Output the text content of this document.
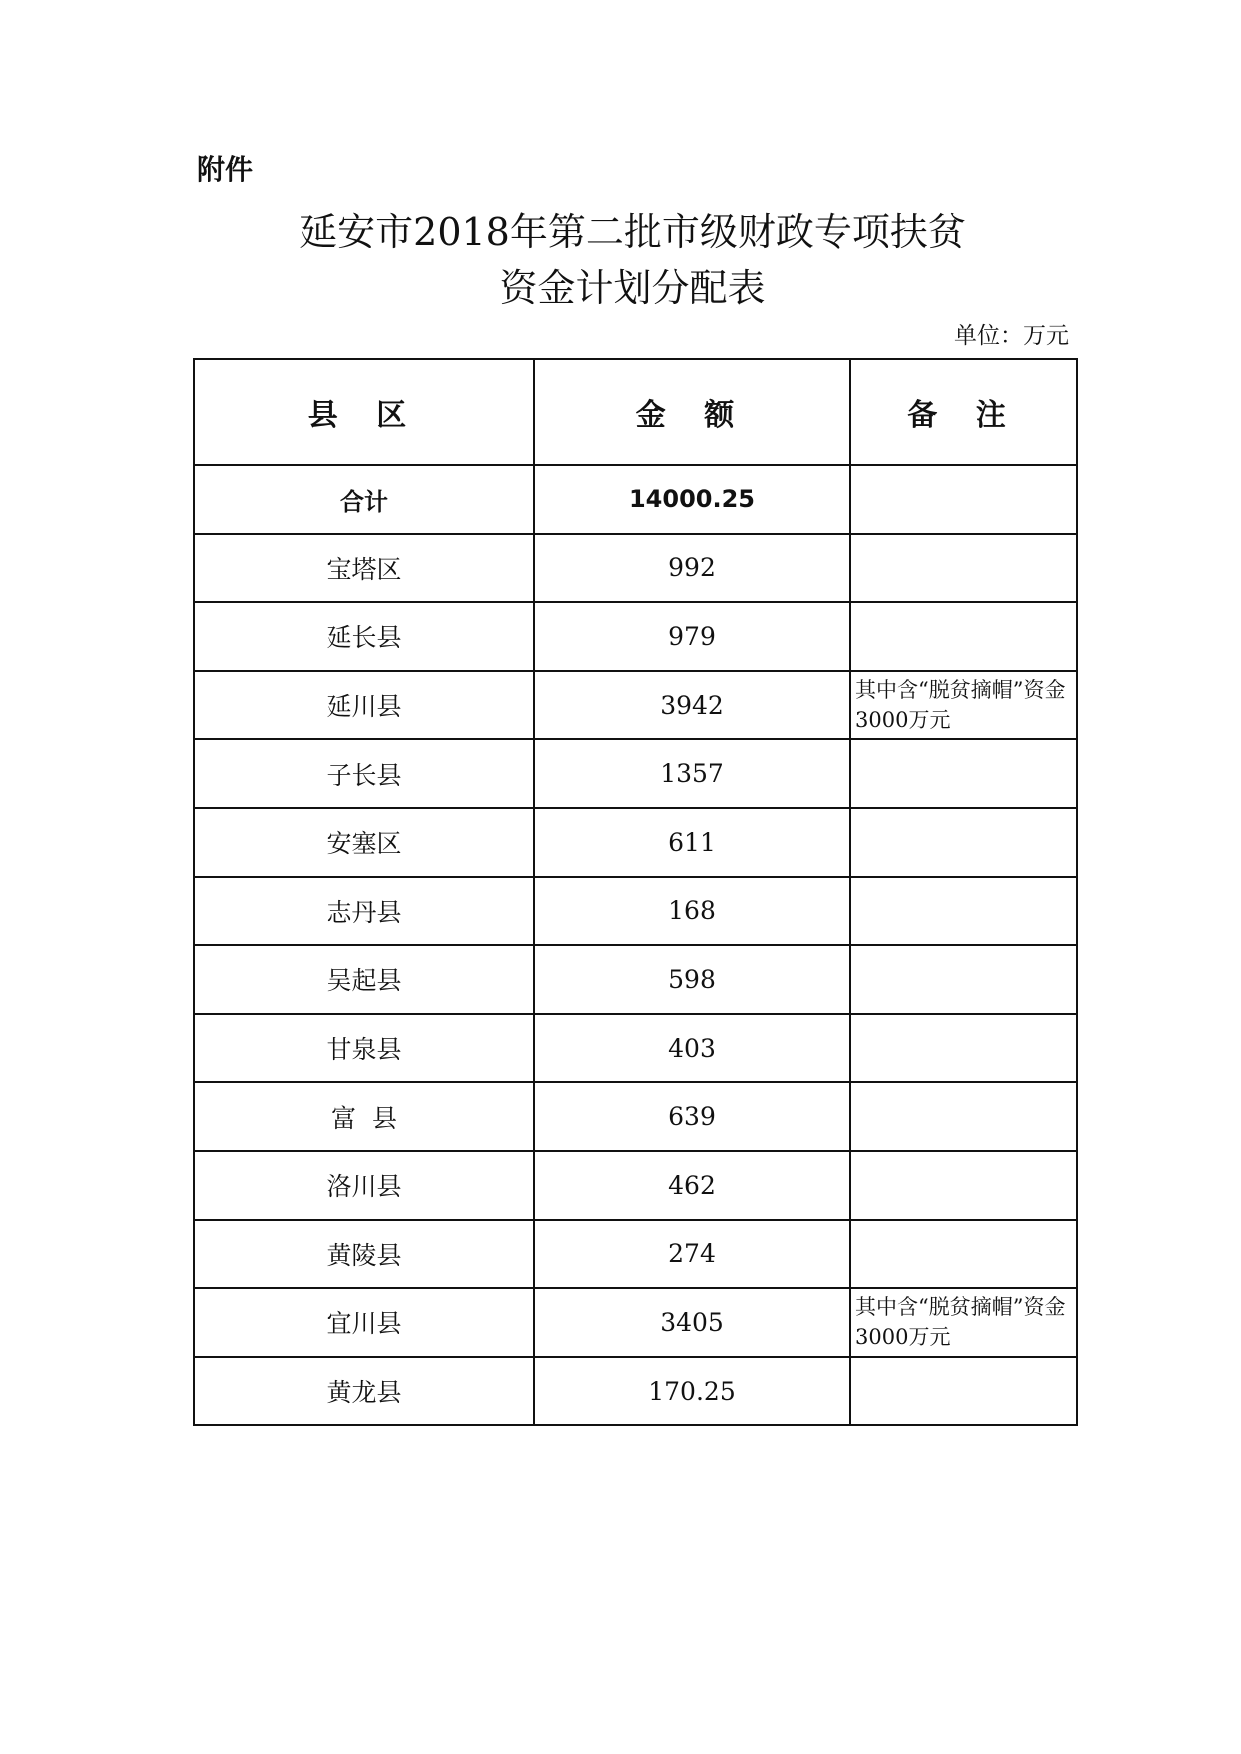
附件
延安市2018年第二批市级财政专项扶贫
资金计划分配表
单位：万元
县 区	金 额	备 注
合计	14000.25	
宝塔区	992	
延长县	979	
延川县	3942	其中含“脱贫摘帽”资金3000万元
子长县	1357	
安塞区	611	
志丹县	168	
吴起县	598	
甘泉县	403	
富  县	639	
洛川县	462	
黄陵县	274	
宜川县	3405	其中含“脱贫摘帽”资金3000万元
黄龙县	170.25	
